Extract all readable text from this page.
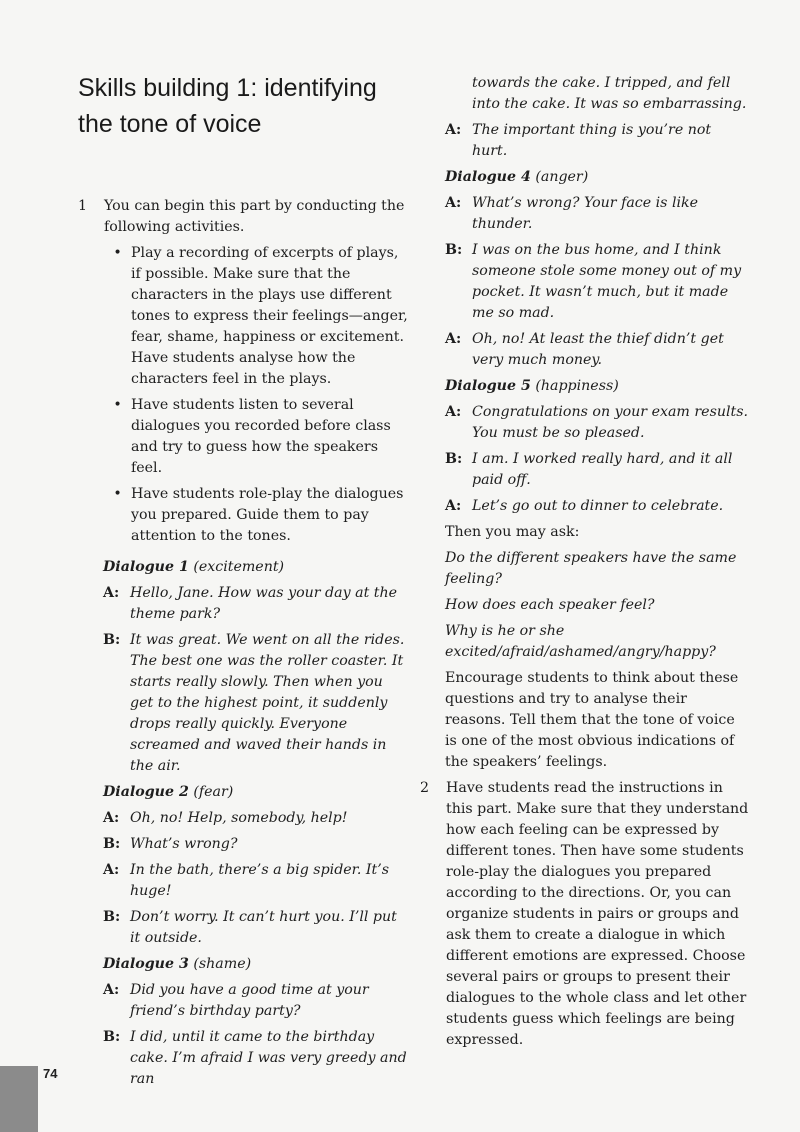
Skills building 1: identifying the tone of voice
1	You can begin this part by conducting the following activities.
• Play a recording of excerpts of plays, if possible. Make sure that the characters in the plays use different tones to express their feelings—anger, fear, shame, happiness or excitement. Have students analyse how the characters feel in the plays.
• Have students listen to several dialogues you recorded before class and try to guess how the speakers feel.
• Have students role-play the dialogues you prepared. Guide them to pay attention to the tones.
Dialogue 1 (excitement)
A: Hello, Jane. How was your day at the theme park?
B: It was great. We went on all the rides. The best one was the roller coaster. It starts really slowly. Then when you get to the highest point, it suddenly drops really quickly. Everyone screamed and waved their hands in the air.
Dialogue 2 (fear)
A: Oh, no! Help, somebody, help!
B: What’s wrong?
A: In the bath, there’s a big spider. It’s huge!
B: Don’t worry. It can’t hurt you. I’ll put it outside.
Dialogue 3 (shame)
A: Did you have a good time at your friend’s birthday party?
B: I did, until it came to the birthday cake. I’m afraid I was very greedy and ran
towards the cake. I tripped, and fell into the cake. It was so embarrassing.
A: The important thing is you’re not hurt.
Dialogue 4 (anger)
A: What’s wrong? Your face is like thunder.
B: I was on the bus home, and I think someone stole some money out of my pocket. It wasn’t much, but it made me so mad.
A: Oh, no! At least the thief didn’t get very much money.
Dialogue 5 (happiness)
A: Congratulations on your exam results. You must be so pleased.
B: I am. I worked really hard, and it all paid off.
A: Let’s go out to dinner to celebrate.
Then you may ask:
Do the different speakers have the same feeling?
How does each speaker feel?
Why is he or she excited/afraid/ashamed/angry/happy?
Encourage students to think about these questions and try to analyse their reasons. Tell them that the tone of voice is one of the most obvious indications of the speakers’ feelings.
2	Have students read the instructions in this part. Make sure that they understand how each feeling can be expressed by different tones. Then have some students role-play the dialogues you prepared according to the directions. Or, you can organize students in pairs or groups and ask them to create a dialogue in which different emotions are expressed. Choose several pairs or groups to present their dialogues to the whole class and let other students guess which feelings are being expressed.
74
